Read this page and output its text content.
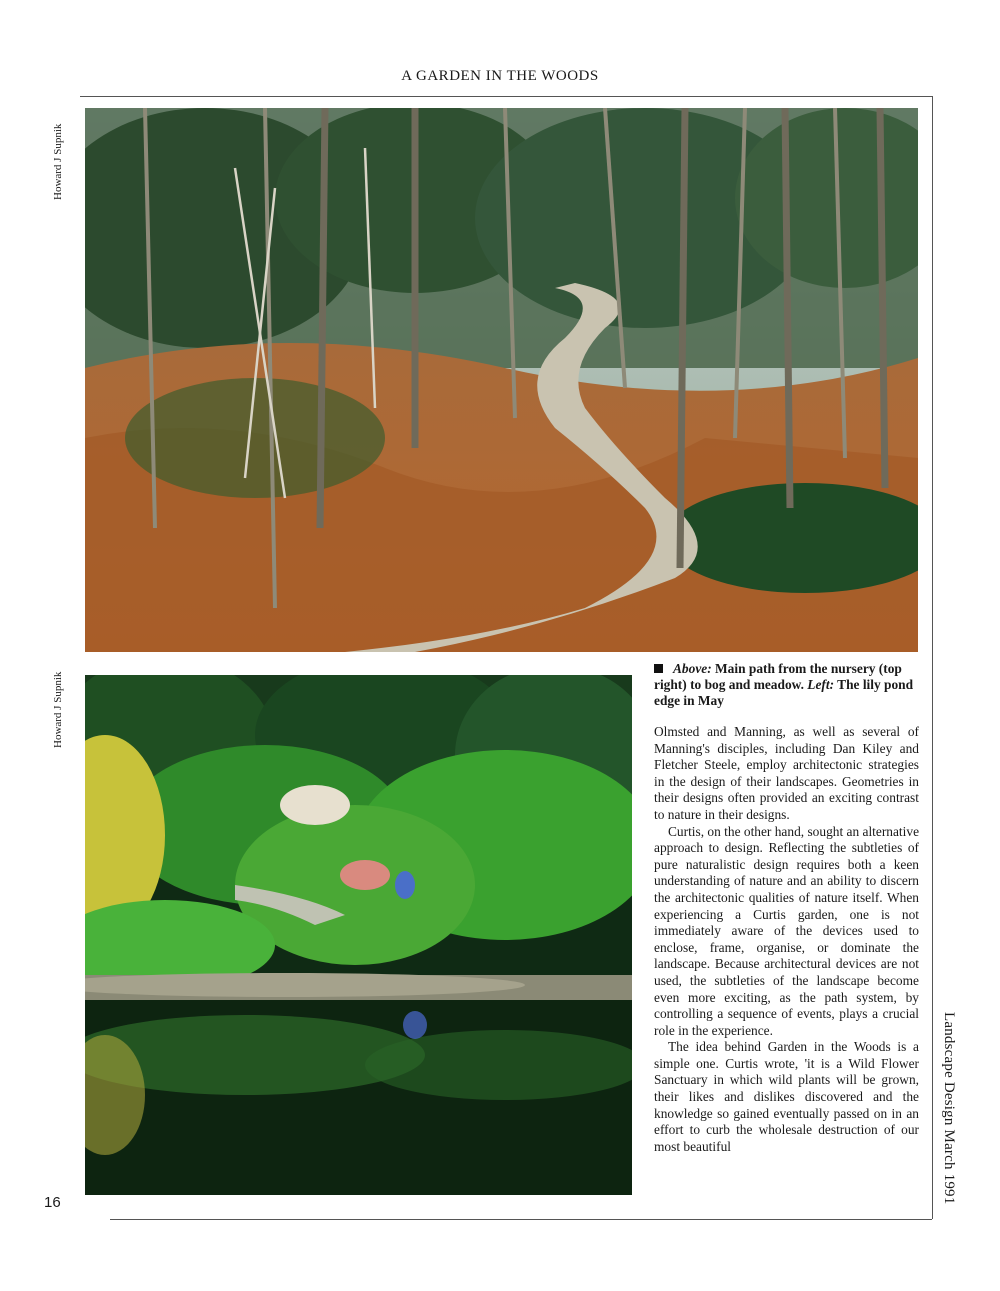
A GARDEN IN THE WOODS
Howard J Supnik
Howard J Supnik
Above: Main path from the nursery (top right) to bog and meadow. Left: The lily pond edge in May

Olmsted and Manning, as well as several of Manning's disciples, including Dan Kiley and Fletcher Steele, employ architectonic strategies in the design of their landscapes. Geometries in their designs often provided an exciting contrast to nature in their designs.

Curtis, on the other hand, sought an alternative approach to design. Reflecting the subtleties of pure naturalistic design requires both a keen understanding of nature and an ability to discern the architectonic qualities of nature itself. When experiencing a Curtis garden, one is not immediately aware of the devices used to enclose, frame, organise, or dominate the landscape. Because architectural devices are not used, the subtleties of the landscape become even more exciting, as the path system, by controlling a sequence of events, plays a crucial role in the experience.

The idea behind Garden in the Woods is a simple one. Curtis wrote, 'it is a Wild Flower Sanctuary in which wild plants will be grown, their likes and dislikes discovered and the knowledge so gained eventually passed on in an effort to curb the wholesale destruction of our most beautiful

16	Landscape Design March 1991
